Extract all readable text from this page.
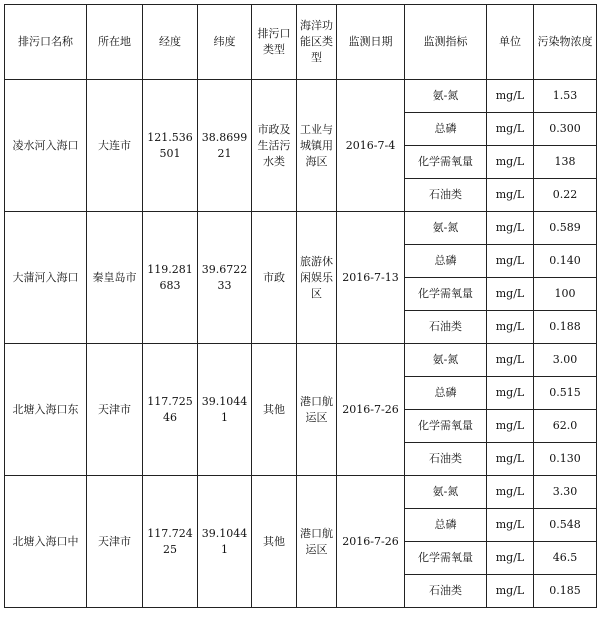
排污口名称	所在地	经度	纬度	排污口类型	海洋功能区类型	监测日期	监测指标	单位	污染物浓度
凌水河入海口	大连市	121.536501	38.869921	市政及生活污水类	工业与城镇用海区	2016-7-4	氨-氮	mg/L	1.53
							总磷	mg/L	0.300
							化学需氧量	mg/L	138
							石油类	mg/L	0.22
大蒲河入海口	秦皇岛市	119.281683	39.672233	市政	旅游休闲娱乐区	2016-7-13	氨-氮	mg/L	0.589
							总磷	mg/L	0.140
							化学需氧量	mg/L	100
							石油类	mg/L	0.188
北塘入海口东	天津市	117.72546	39.10441	其他	港口航运区	2016-7-26	氨-氮	mg/L	3.00
							总磷	mg/L	0.515
							化学需氧量	mg/L	62.0
							石油类	mg/L	0.130
北塘入海口中	天津市	117.72425	39.10441	其他	港口航运区	2016-7-26	氨-氮	mg/L	3.30
							总磷	mg/L	0.548
							化学需氧量	mg/L	46.5
							石油类	mg/L	0.185
